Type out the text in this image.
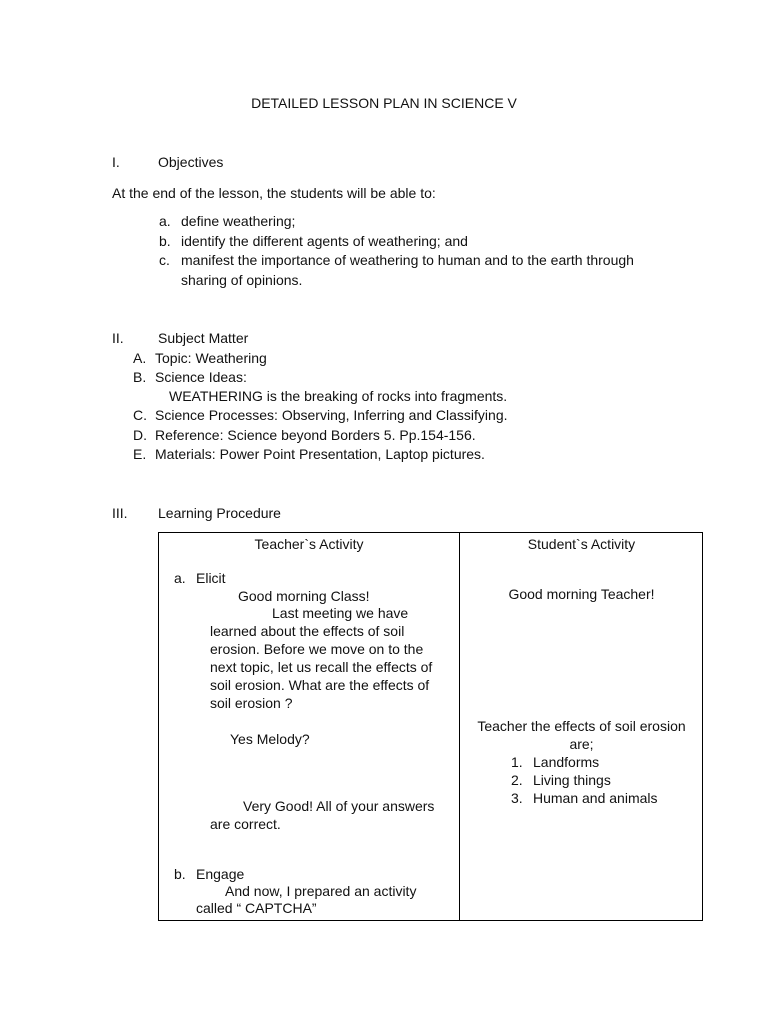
DETAILED LESSON PLAN IN SCIENCE V
I.	Objectives
At the end of the lesson, the students will be able to:
a. define weathering;
b. identify the different agents of weathering; and
c. manifest the importance of weathering to human and to the earth through
sharing of opinions.
II. Subject Matter
A. Topic: Weathering
B. Science Ideas:
WEATHERING is the breaking of rocks into fragments.
C. Science Processes: Observing, Inferring and Classifying.
D. Reference: Science beyond Borders 5. Pp.154-156.
E. Materials: Power Point Presentation, Laptop pictures.
III. Learning Procedure
Teacher`s Activity	Student`s Activity
a. Elicit
Good morning Class!
Last meeting we have
learned about the effects of soil
erosion. Before we move on to the
next topic, let us recall the effects of
soil erosion. What are the effects of
soil erosion ?
Yes Melody?
Very Good! All of your answers
are correct.
b. Engage
And now, I prepared an activity
called “ CAPTCHA”
Good morning Teacher!
Teacher the effects of soil erosion
are;
1. Landforms
2. Living things
3. Human and animals
